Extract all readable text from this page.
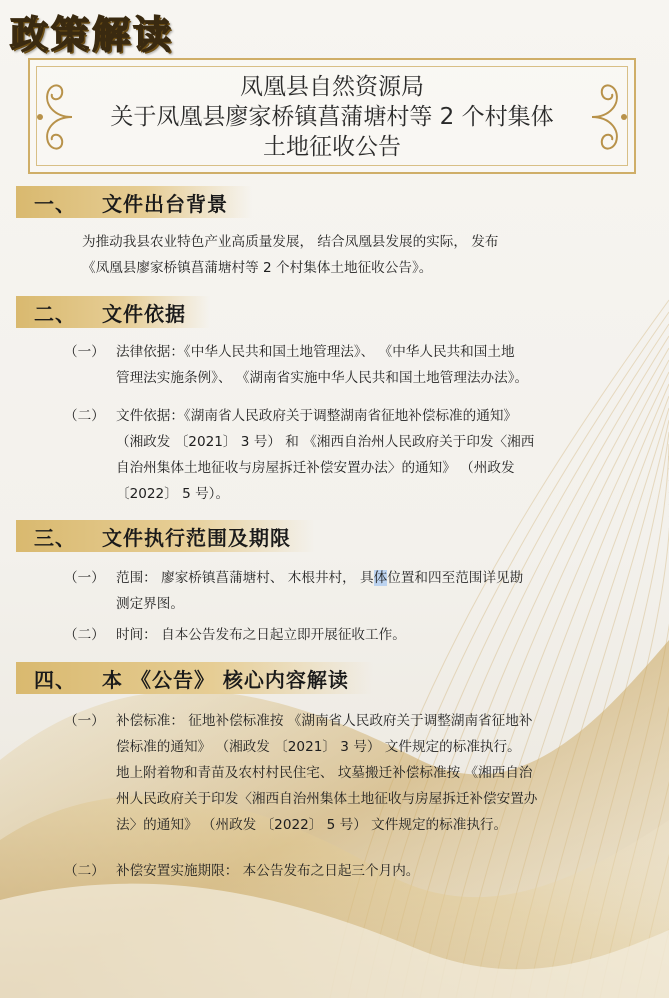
政策解读
凤凰县自然资源局
关于凤凰县廖家桥镇菖蒲塘村等 2 个村集体
土地征收公告
一、 文件出台背景
为推动我县农业特色产业高质量发展， 结合凤凰县发展的实际， 发布
《凤凰县廖家桥镇菖蒲塘村等 2 个村集体土地征收公告》。
二、 文件依据
（一） 法律依据：《中华人民共和国土地管理法》、 《中华人民共和国土地
管理法实施条例》、 《湖南省实施中华人民共和国土地管理法办法》。
（二） 文件依据：《湖南省人民政府关于调整湖南省征地补偿标准的通知》
（湘政发 〔2021〕 3 号） 和 《湘西自治州人民政府关于印发〈湘西
自治州集体土地征收与房屋拆迁补偿安置办法〉的通知》 （州政发
〔2022〕 5 号）。
三、 文件执行范围及期限
（一） 范围： 廖家桥镇菖蒲塘村、 木根井村， 具体位置和四至范围详见勘
测定界图。
（二） 时间： 自本公告发布之日起立即开展征收工作。
四、 本 《公告》 核心内容解读
（一） 补偿标准： 征地补偿标准按 《湖南省人民政府关于调整湖南省征地补
偿标准的通知》 （湘政发 〔2021〕 3 号） 文件规定的标准执行。
地上附着物和青苗及农村村民住宅、 坟墓搬迁补偿标准按 《湘西自治
州人民政府关于印发〈湘西自治州集体土地征收与房屋拆迁补偿安置办
法〉的通知》 （州政发 〔2022〕 5 号） 文件规定的标准执行。
（二） 补偿安置实施期限： 本公告发布之日起三个月内。
